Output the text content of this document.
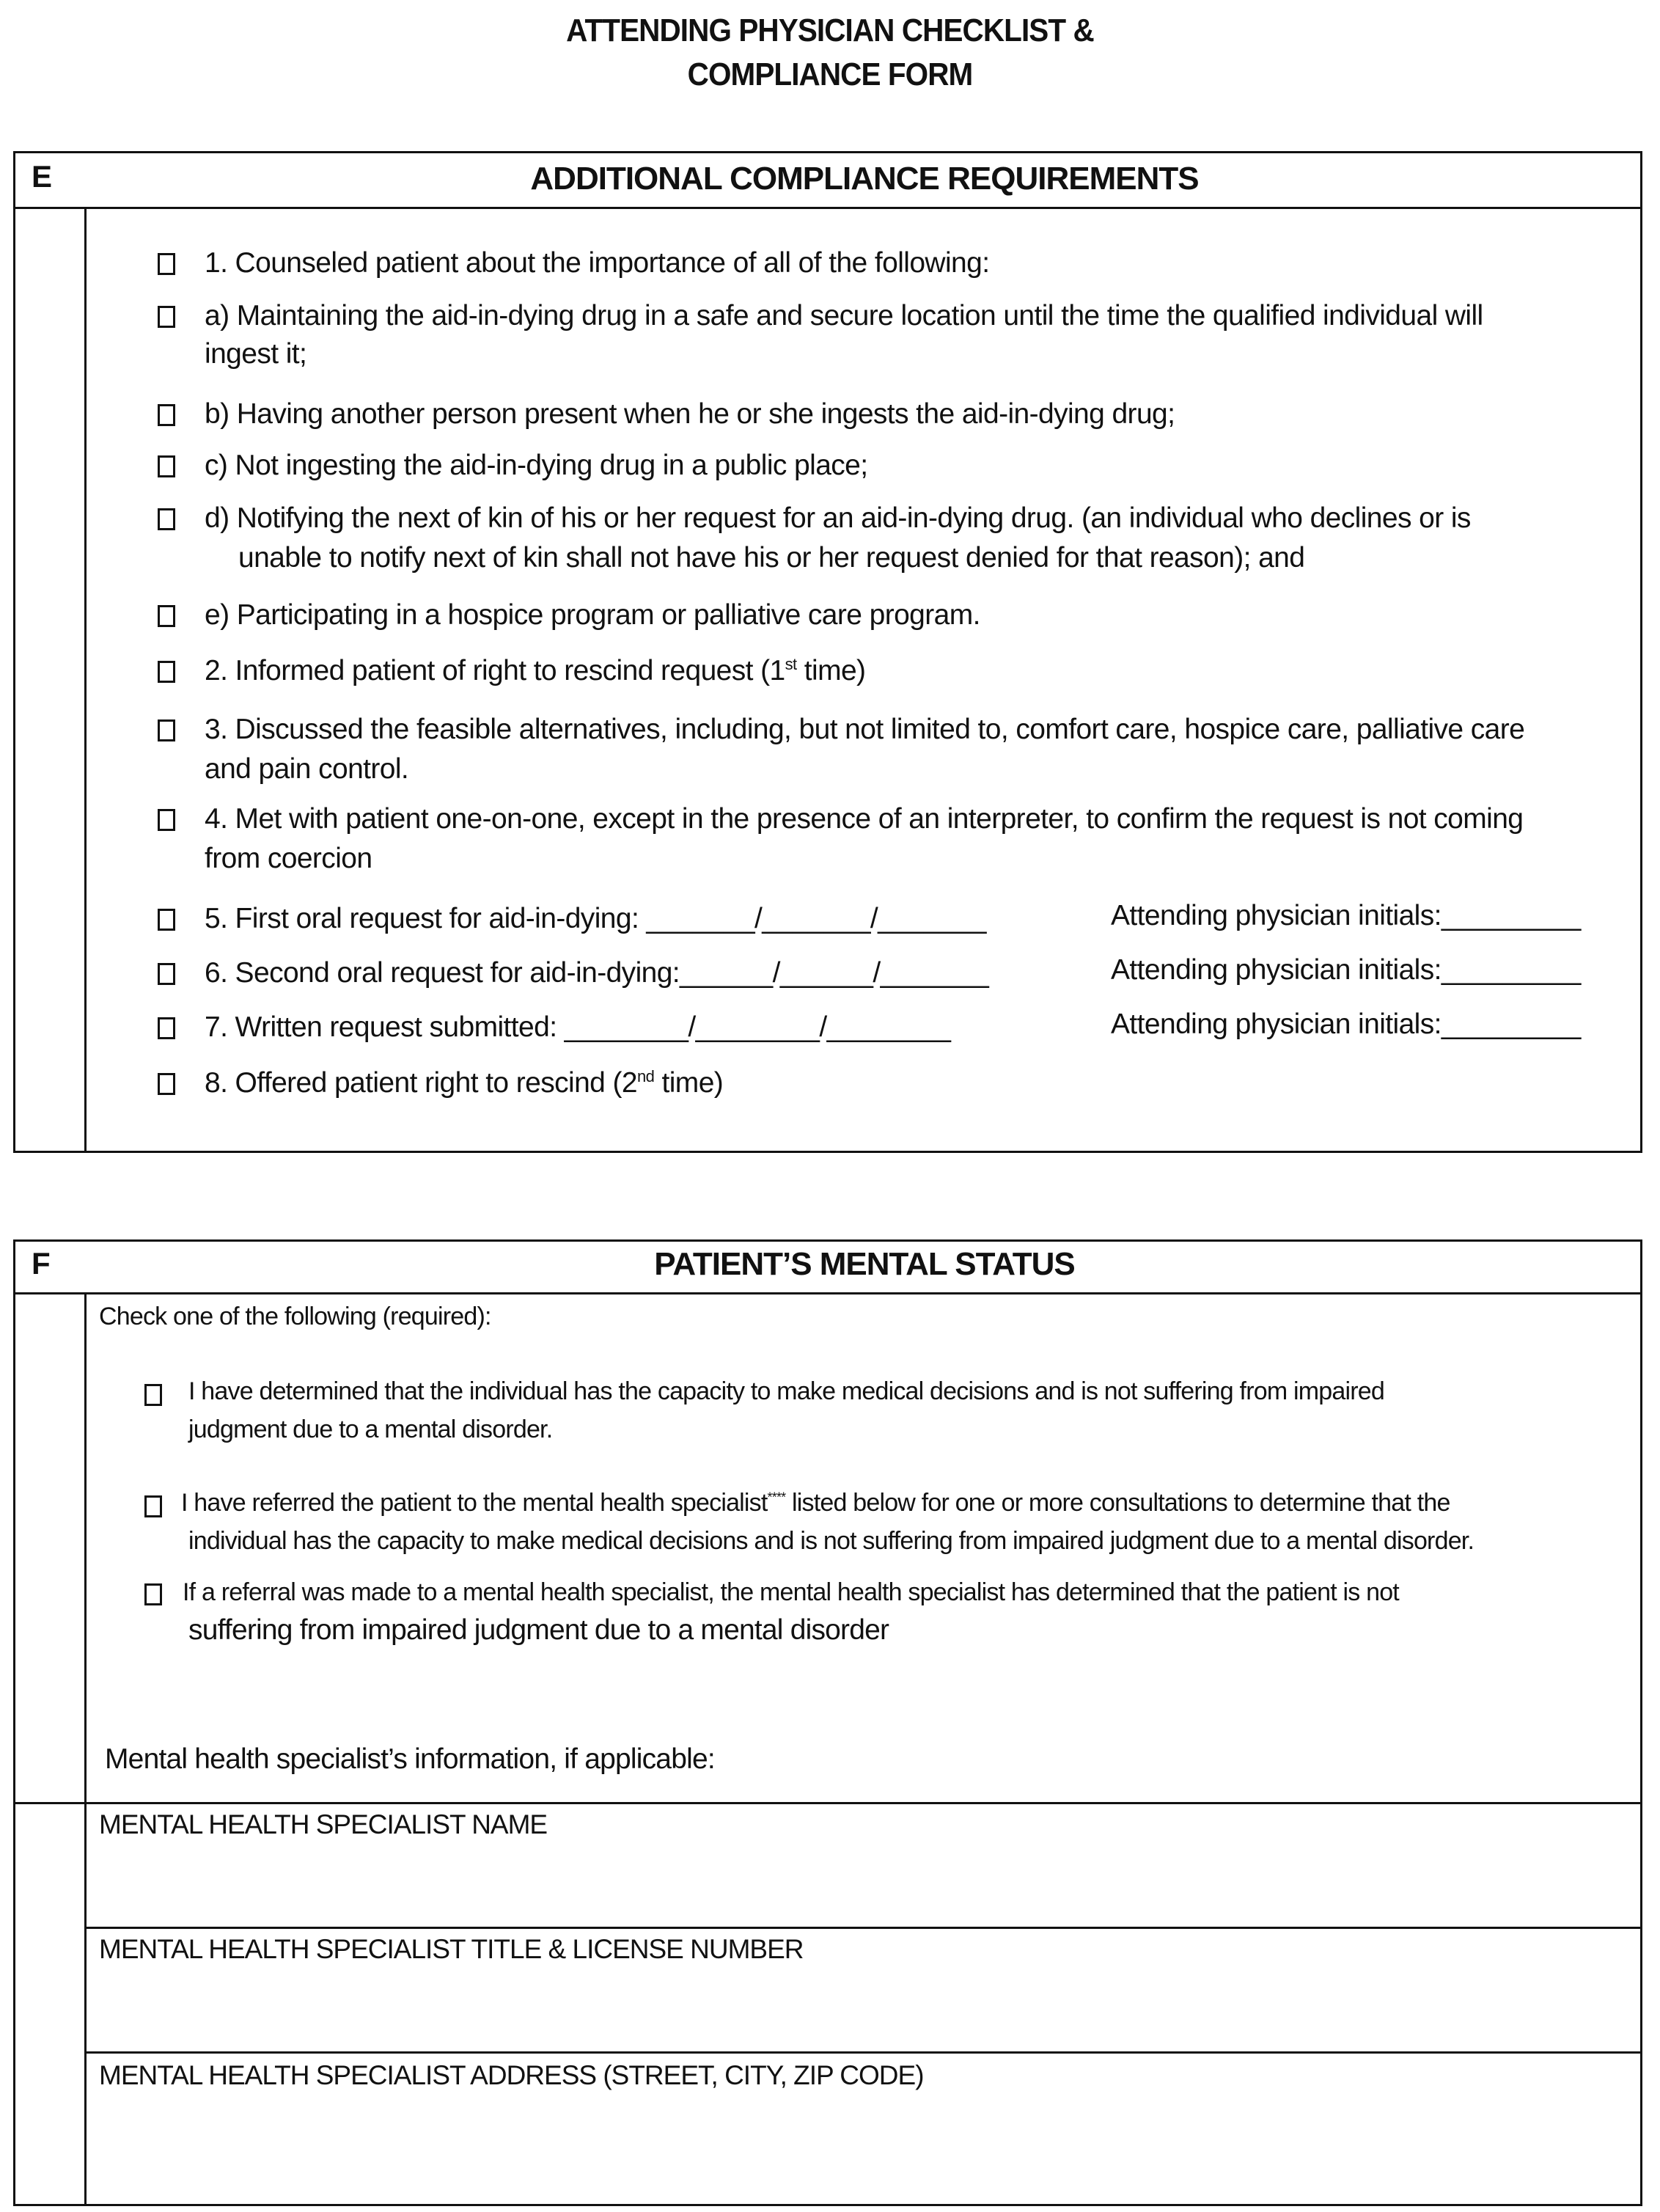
ATTENDING PHYSICIAN CHECKLIST &
COMPLIANCE FORM
E	ADDITIONAL COMPLIANCE REQUIREMENTS
1. Counseled patient about the importance of all of the following:
a) Maintaining the aid-in-dying drug in a safe and secure location until the time the qualified individual will
ingest it;
b) Having another person present when he or she ingests the aid-in-dying drug;
c) Not ingesting the aid-in-dying drug in a public place;
d) Notifying the next of kin of his or her request for an aid-in-dying drug. (an individual who declines or is
unable to notify next of kin shall not have his or her request denied for that reason); and
e) Participating in a hospice program or palliative care program.
2. Informed patient of right to rescind request (1st time)
3. Discussed the feasible alternatives, including, but not limited to, comfort care, hospice care, palliative care
and pain control.
4. Met with patient one-on-one, except in the presence of an interpreter, to confirm the request is not coming
from coercion
5. First oral request for aid-in-dying: _______/_______/_______	Attending physician initials:_________
6. Second oral request for aid-in-dying:______/______/_______	Attending physician initials:_________
7. Written request submitted: ________/________/________	Attending physician initials:_________
8. Offered patient right to rescind (2nd time)
F	PATIENT’S MENTAL STATUS
Check one of the following (required):
I have determined that the individual has the capacity to make medical decisions and is not suffering from impaired
judgment due to a mental disorder.
I have referred the patient to the mental health specialist**** listed below for one or more consultations to determine that the
individual has the capacity to make medical decisions and is not suffering from impaired judgment due to a mental disorder.
If a referral was made to a mental health specialist, the mental health specialist has determined that the patient is not
suffering from impaired judgment due to a mental disorder
Mental health specialist’s information, if applicable:
MENTAL HEALTH SPECIALIST NAME
MENTAL HEALTH SPECIALIST TITLE & LICENSE NUMBER
MENTAL HEALTH SPECIALIST ADDRESS (STREET, CITY, ZIP CODE)
